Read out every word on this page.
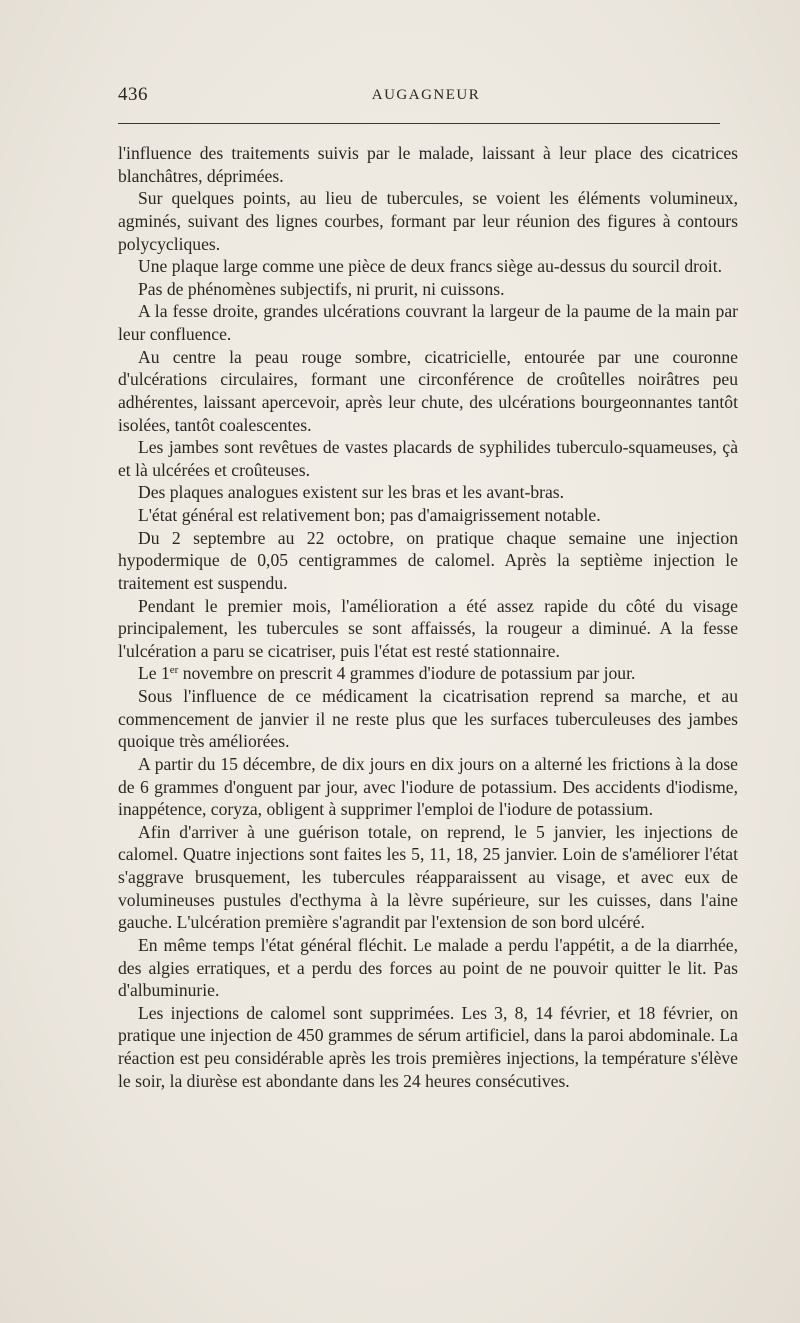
436	AUGAGNEUR

l'influence des traitements suivis par le malade, laissant à leur place des cicatrices blanchâtres, déprimées.

Sur quelques points, au lieu de tubercules, se voient les éléments volumineux, agminés, suivant des lignes courbes, formant par leur réunion des figures à contours polycycliques.

Une plaque large comme une pièce de deux francs siège au-dessus du sourcil droit.

Pas de phénomènes subjectifs, ni prurit, ni cuissons.

A la fesse droite, grandes ulcérations couvrant la largeur de la paume de la main par leur confluence.

Au centre la peau rouge sombre, cicatricielle, entourée par une couronne d'ulcérations circulaires, formant une circonférence de croûtelles noirâtres peu adhérentes, laissant apercevoir, après leur chute, des ulcérations bourgeonnantes tantôt isolées, tantôt coalescentes.

Les jambes sont revêtues de vastes placards de syphilides tuberculo-squameuses, çà et là ulcérées et croûteuses.

Des plaques analogues existent sur les bras et les avant-bras.

L'état général est relativement bon; pas d'amaigrissement notable.

Du 2 septembre au 22 octobre, on pratique chaque semaine une injection hypodermique de 0,05 centigrammes de calomel. Après la septième injection le traitement est suspendu.

Pendant le premier mois, l'amélioration a été assez rapide du côté du visage principalement, les tubercules se sont affaissés, la rougeur a diminué. A la fesse l'ulcération a paru se cicatriser, puis l'état est resté stationnaire.

Le 1er novembre on prescrit 4 grammes d'iodure de potassium par jour.

Sous l'influence de ce médicament la cicatrisation reprend sa marche, et au commencement de janvier il ne reste plus que les surfaces tuberculeuses des jambes quoique très améliorées.

A partir du 15 décembre, de dix jours en dix jours on a alterné les frictions à la dose de 6 grammes d'onguent par jour, avec l'iodure de potassium. Des accidents d'iodisme, inappétence, coryza, obligent à supprimer l'emploi de l'iodure de potassium.

Afin d'arriver à une guérison totale, on reprend, le 5 janvier, les injections de calomel. Quatre injections sont faites les 5, 11, 18, 25 janvier. Loin de s'améliorer l'état s'aggrave brusquement, les tubercules réapparaissent au visage, et avec eux de volumineuses pustules d'ecthyma à la lèvre supérieure, sur les cuisses, dans l'aine gauche. L'ulcération première s'agrandit par l'extension de son bord ulcéré.

En même temps l'état général fléchit. Le malade a perdu l'appétit, a de la diarrhée, des algies erratiques, et a perdu des forces au point de ne pouvoir quitter le lit. Pas d'albuminurie.

Les injections de calomel sont supprimées. Les 3, 8, 14 février, et 18 février, on pratique une injection de 450 grammes de sérum artificiel, dans la paroi abdominale. La réaction est peu considérable après les trois premières injections, la température s'élève le soir, la diurèse est abondante dans les 24 heures consécutives.
